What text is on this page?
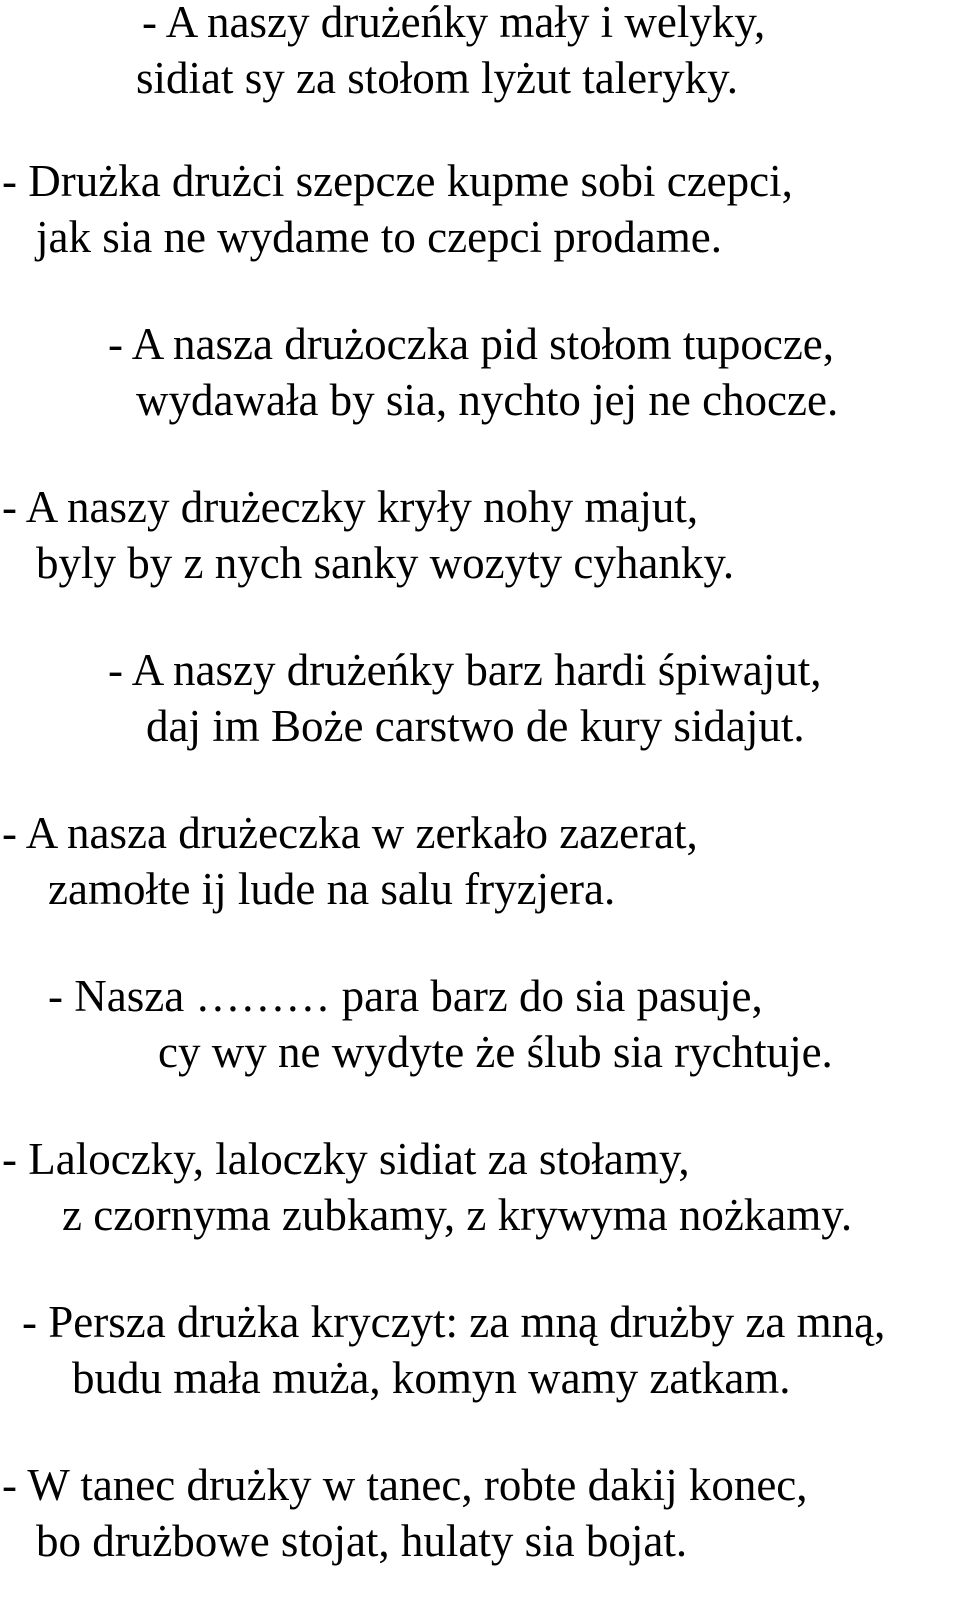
- A naszy drużeńky mały i welyky,

sidiat sy za stołom lyżut taleryky.

- Drużka drużci szepcze kupme sobi czepci,

jak sia ne wydame to czepci prodame.

- A nasza drużoczka pid stołom tupocze,

wydawała by sia, nychto jej ne chocze.

- A naszy drużeczky kryły nohy majut,

byly by z nych sanky wozyty cyhanky.

- A naszy drużeńky barz hardi śpiwajut,

daj im Boże carstwo de kury sidajut.

- A nasza drużeczka w zerkało zazerat,

zamołte ij lude na salu fryzjera.

- Nasza ……… para barz do sia pasuje,

cy wy ne wydyte że ślub sia rychtuje.

- Laloczky, laloczky sidiat za stołamy,

z czornyma zubkamy, z krywyma nożkamy.

- Persza drużka kryczyt: za mną drużby za mną,

budu mała muża, komyn wamy zatkam.

- W tanec drużky w tanec, robte dakij konec,

bo drużbowe stojat, hulaty sia bojat.
